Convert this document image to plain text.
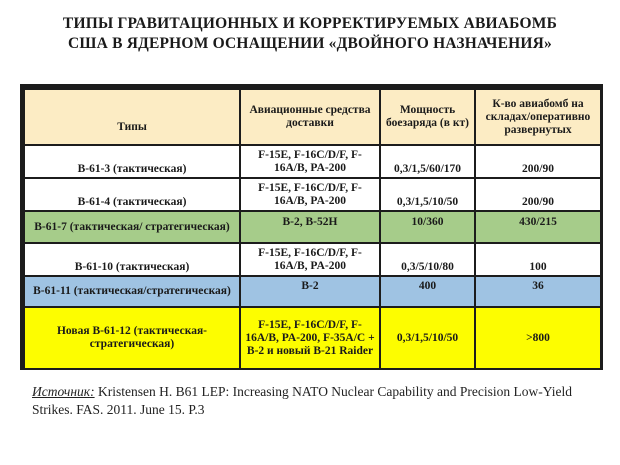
ТИПЫ ГРАВИТАЦИОННЫХ И КОРРЕКТИРУЕМЫХ АВИАБОМБ
США В ЯДЕРНОМ ОСНАЩЕНИИ «ДВОЙНОГО НАЗНАЧЕНИЯ»
Типы	Авиационные средства доставки	Мощность боезаряда (в кт)	К-во авиабомб на складах/оперативно развернутых
В-61-3 (тактическая)	F-15E, F-16C/D/F, F-16A/B, PA-200	0,3/1,5/60/170	200/90
В-61-4 (тактическая)	F-15E, F-16C/D/F, F-16A/B, PA-200	0,3/1,5/10/50	200/90
В-61-7 (тактическая/ стратегическая)	В-2, В-52Н	10/360	430/215
В-61-10 (тактическая)	F-15E, F-16C/D/F, F-16A/B, PA-200	0,3/5/10/80	100
В-61-11 (тактическая/стратегическая)	В-2	400	36
Новая В-61-12 (тактическая-стратегическая)	F-15E, F-16C/D/F, F-16A/B, PA-200, F-35A/C + B-2 и новый B-21 Raider	0,3/1,5/10/50	>800
Источник: Kristensen H. B61 LEP: Increasing NATO Nuclear Capability and Precision Low-Yield Strikes. FAS. 2011. June 15. P.3
